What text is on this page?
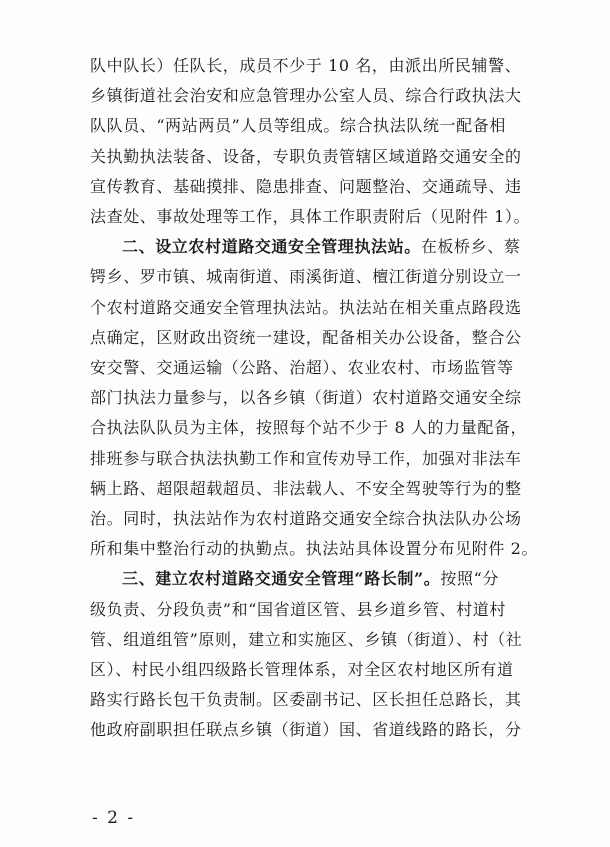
- 2 -
队中队长）任队长，成员不少于 10 名，由派出所民辅警、
乡镇街道社会治安和应急管理办公室人员、综合行政执法大
队队员、“两站两员”人员等组成。综合执法队统一配备相
关执勤执法装备、设备，专职负责管辖区域道路交通安全的
宣传教育、基础摸排、隐患排查、问题整治、交通疏导、违
法查处、事故处理等工作，具体工作职责附后（见附件 1）。
二、设立农村道路交通安全管理执法站。在板桥乡、蔡
锷乡、罗市镇、城南街道、雨溪街道、檀江街道分别设立一
个农村道路交通安全管理执法站。执法站在相关重点路段选
点确定，区财政出资统一建设，配备相关办公设备，整合公
安交警、交通运输（公路、治超）、农业农村、市场监管等
部门执法力量参与，以各乡镇（街道）农村道路交通安全综
合执法队队员为主体，按照每个站不少于 8 人的力量配备，
排班参与联合执法执勤工作和宣传劝导工作，加强对非法车
辆上路、超限超载超员、非法载人、不安全驾驶等行为的整
治。同时，执法站作为农村道路交通安全综合执法队办公场
所和集中整治行动的执勤点。执法站具体设置分布见附件 2。
三、建立农村道路交通安全管理“路长制”。按照“分
级负责、分段负责”和“国省道区管、县乡道乡管、村道村
管、组道组管”原则，建立和实施区、乡镇（街道）、村（社
区）、村民小组四级路长管理体系，对全区农村地区所有道
路实行路长包干负责制。区委副书记、区长担任总路长，其
他政府副职担任联点乡镇（街道）国、省道线路的路长，分
